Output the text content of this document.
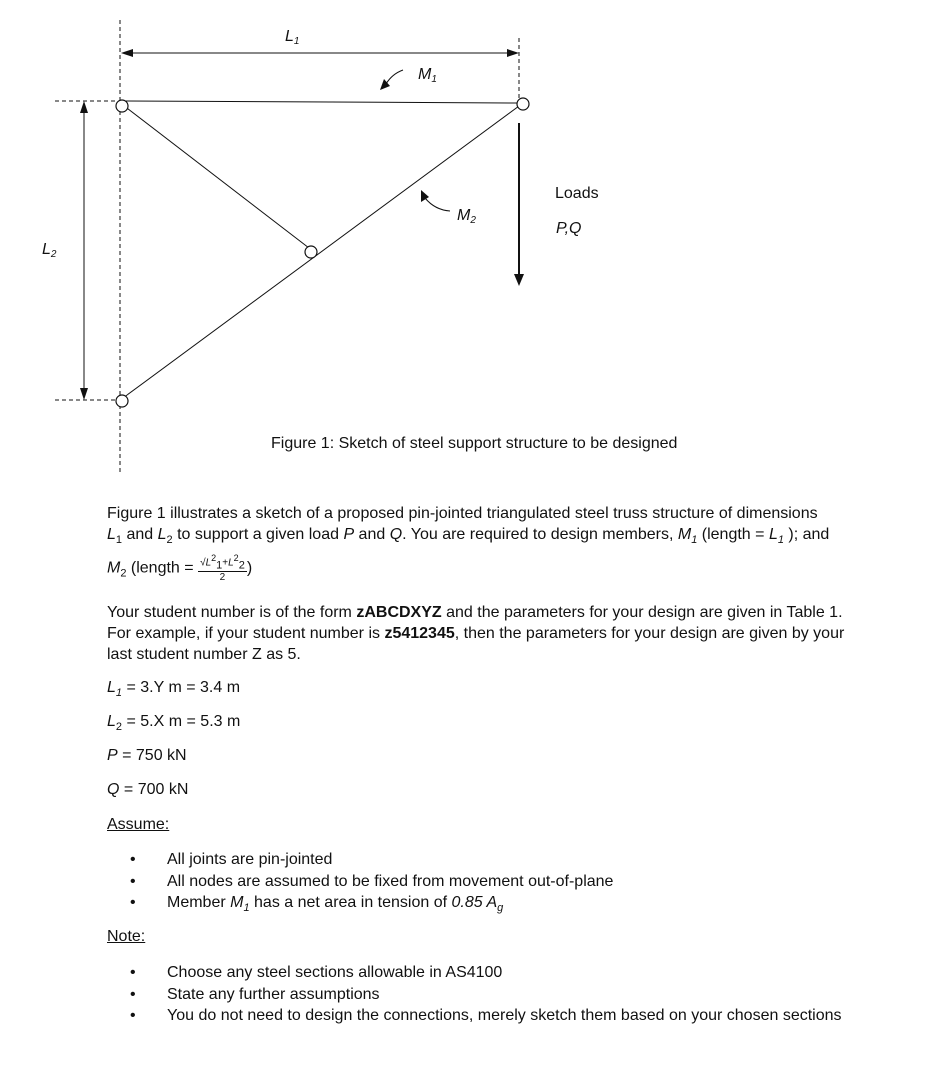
L1
L2
M1
M2
Loads
P,Q
Figure 1: Sketch of steel support structure to be designed
Figure 1 illustrates a sketch of a proposed pin-jointed triangulated steel truss structure of dimensions
$L_1$ and $L_2$ to support a given load P and Q. You are required to design members, $M_1$ (length = $L_1$ ); and
$M_2$ (length = $\frac{√L^2_1+L^2_2}{2}$ )
Your student number is of the form zABCDXYZ and the parameters for your design are given in Table 1. For example, if your student number is z5412345, then the parameters for your design are given by your last student number Z as 5.
$L_1 = 3.Y$ m = 3.4 m
$L_2 = 5.X$ m = 5.3 m
P = 750 kN
Q = 700 kN
Assume:
• All joints are pin-jointed
• All nodes are assumed to be fixed from movement out-of-plane
• Member $M_1$ has a net area in tension of 0.85 $A_g$
Note:
• Choose any steel sections allowable in AS4100
• State any further assumptions
• You do not need to design the connections, merely sketch them based on your chosen sections
